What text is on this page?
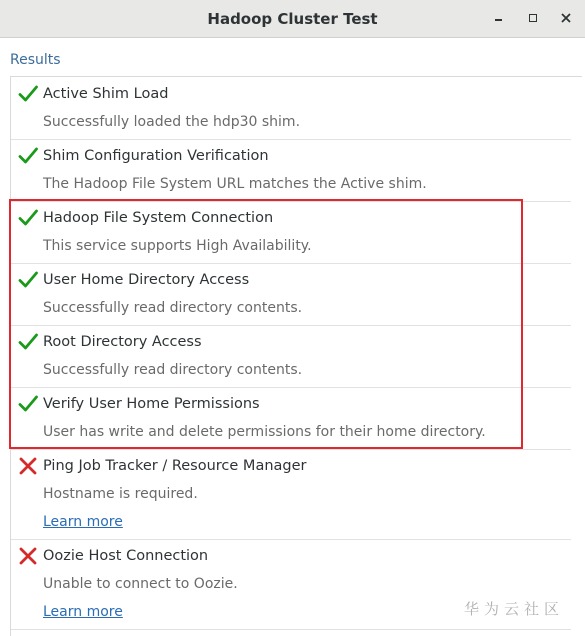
Hadoop Cluster Test
Results
Active Shim Load
Successfully loaded the hdp30 shim.
Shim Configuration Verification
The Hadoop File System URL matches the Active shim.
Hadoop File System Connection
This service supports High Availability.
User Home Directory Access
Successfully read directory contents.
Root Directory Access
Successfully read directory contents.
Verify User Home Permissions
User has write and delete permissions for their home directory.
Ping Job Tracker / Resource Manager
Hostname is required.
Learn more
Oozie Host Connection
Unable to connect to Oozie.
Learn more	华为云社区
